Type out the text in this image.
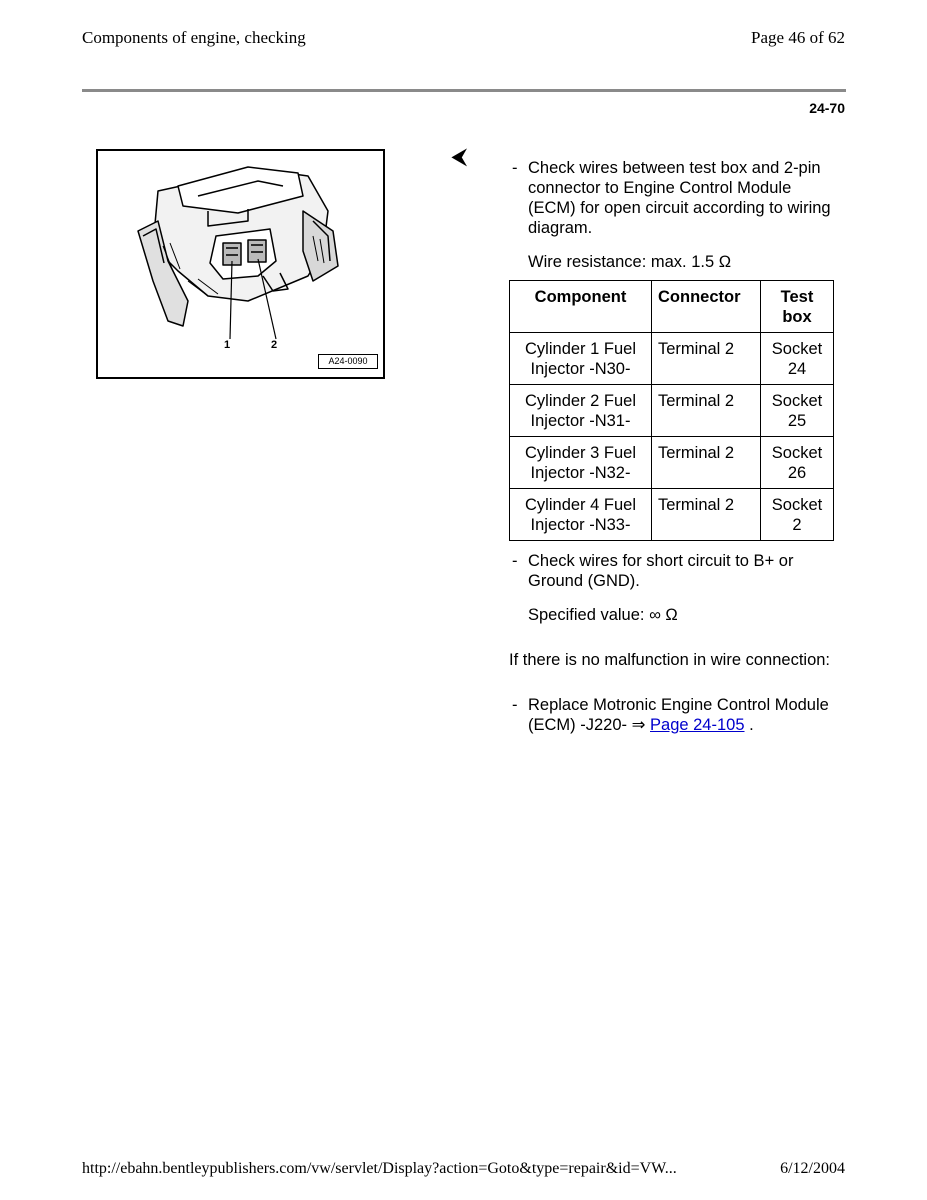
Components of engine, checking	Page 46 of 62
24-70
1	2
A24-0090
⮜	- Check wires between test box and 2-pin connector to Engine Control Module (ECM) for open circuit according to wiring diagram.
Wire resistance: max. 1.5 Ω
Component	Connector	Test box
Cylinder 1 Fuel Injector -N30-	Terminal 2	Socket 24
Cylinder 2 Fuel Injector -N31-	Terminal 2	Socket 25
Cylinder 3 Fuel Injector -N32-	Terminal 2	Socket 26
Cylinder 4 Fuel Injector -N33-	Terminal 2	Socket 2
- Check wires for short circuit to B+ or Ground (GND).
Specified value: ∞ Ω
If there is no malfunction in wire connection:
- Replace Motronic Engine Control Module (ECM) -J220- ⇒ Page 24-105 .
http://ebahn.bentleypublishers.com/vw/servlet/Display?action=Goto&type=repair&id=VW...	6/12/2004
